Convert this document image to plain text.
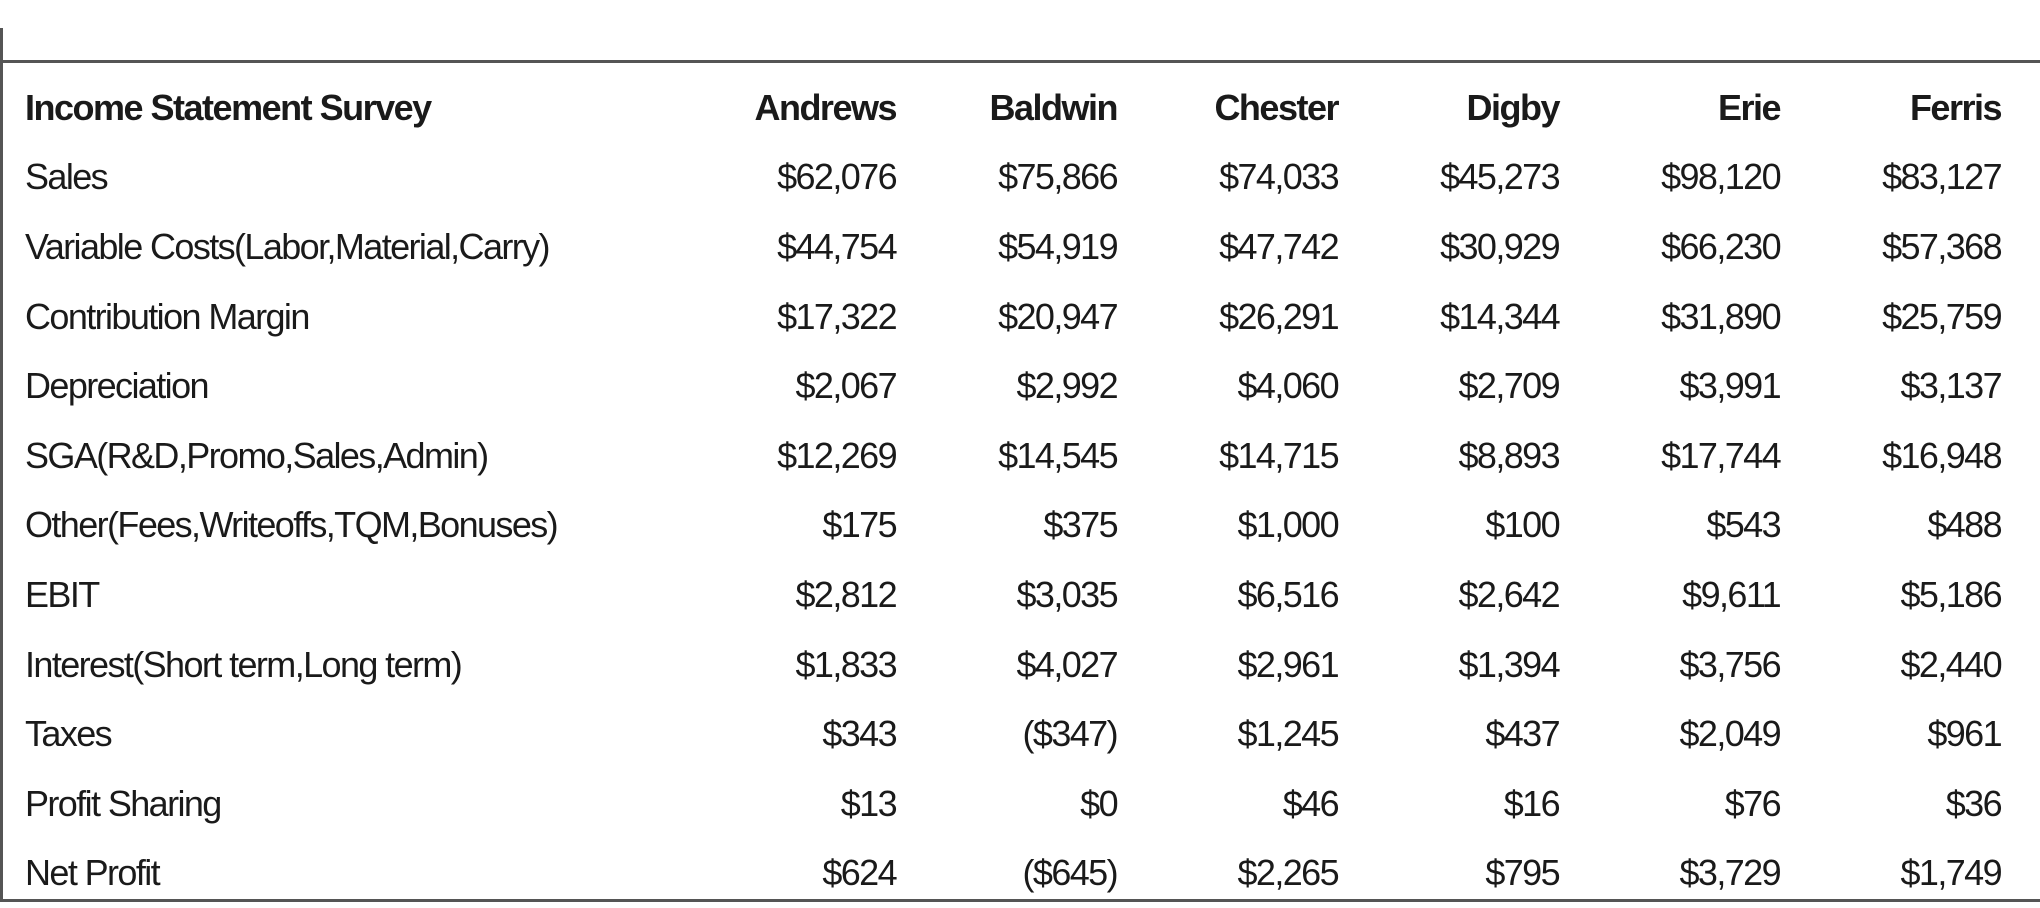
Income Statement Survey	Andrews	Baldwin	Chester	Digby	Erie	Ferris
Sales	$62,076	$75,866	$74,033	$45,273	$98,120	$83,127
Variable Costs(Labor,Material,Carry)	$44,754	$54,919	$47,742	$30,929	$66,230	$57,368
Contribution Margin	$17,322	$20,947	$26,291	$14,344	$31,890	$25,759
Depreciation	$2,067	$2,992	$4,060	$2,709	$3,991	$3,137
SGA(R&D,Promo,Sales,Admin)	$12,269	$14,545	$14,715	$8,893	$17,744	$16,948
Other(Fees,Writeoffs,TQM,Bonuses)	$175	$375	$1,000	$100	$543	$488
EBIT	$2,812	$3,035	$6,516	$2,642	$9,611	$5,186
Interest(Short term,Long term)	$1,833	$4,027	$2,961	$1,394	$3,756	$2,440
Taxes	$343	($347)	$1,245	$437	$2,049	$961
Profit Sharing	$13	$0	$46	$16	$76	$36
Net Profit	$624	($645)	$2,265	$795	$3,729	$1,749
